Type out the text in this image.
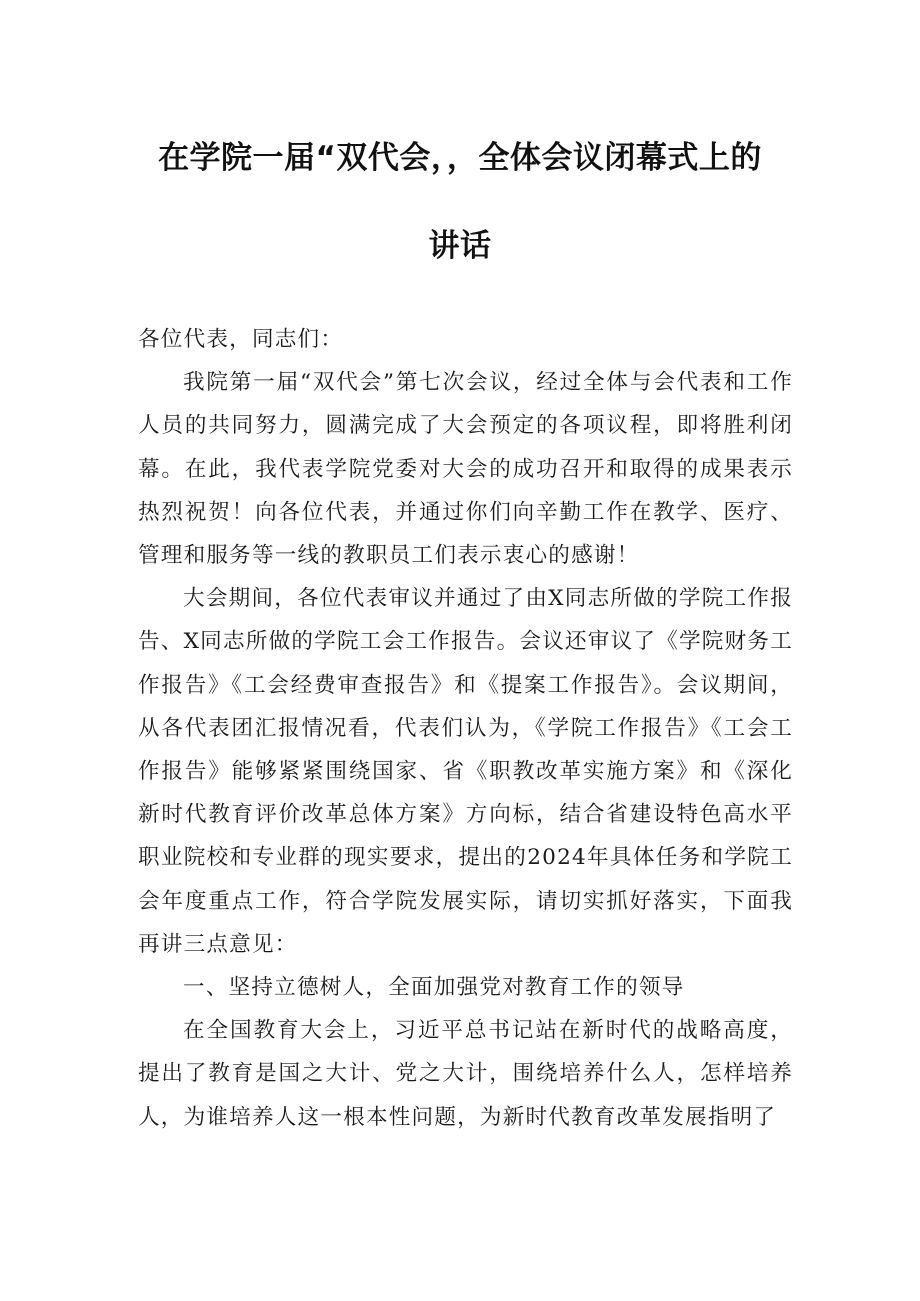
在学院一届“双代会，，全体会议闭幕式上的
讲话

各位代表，同志们：

我院第一届“双代会”第七次会议，经过全体与会代表和工作人员的共同努力，圆满完成了大会预定的各项议程，即将胜利闭幕。在此，我代表学院党委对大会的成功召开和取得的成果表示热烈祝贺！向各位代表，并通过你们向辛勤工作在教学、医疗、管理和服务等一线的教职员工们表示衷心的感谢！

大会期间，各位代表审议并通过了由X同志所做的学院工作报告、X同志所做的学院工会工作报告。会议还审议了《学院财务工作报告》《工会经费审查报告》和《提案工作报告》。会议期间，从各代表团汇报情况看，代表们认为，《学院工作报告》《工会工作报告》能够紧紧围绕国家、省《职教改革实施方案》和《深化新时代教育评价改革总体方案》方向标，结合省建设特色高水平职业院校和专业群的现实要求，提出的2024年具体任务和学院工会年度重点工作，符合学院发展实际，请切实抓好落实，下面我再讲三点意见：

一、坚持立德树人，全面加强党对教育工作的领导

在全国教育大会上，习近平总书记站在新时代的战略高度，提出了教育是国之大计、党之大计，围绕培养什么人，怎样培养人，为谁培养人这一根本性问题，为新时代教育改革发展指明了
